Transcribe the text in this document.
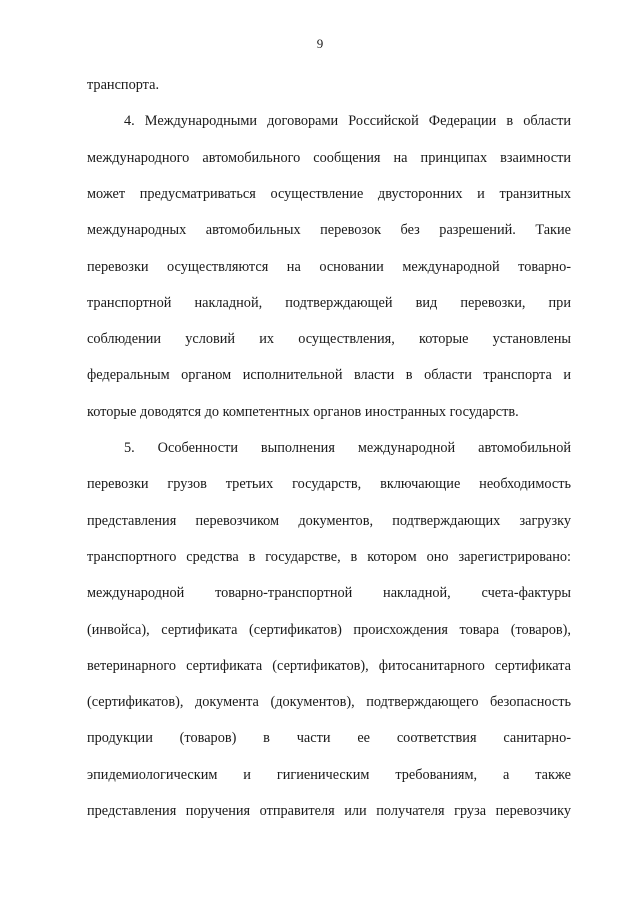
9
транспорта.
4. Международными договорами Российской Федерации в области
международного автомобильного сообщения на принципах взаимности
может предусматриваться осуществление двусторонних и транзитных
международных автомобильных перевозок без разрешений. Такие
перевозки осуществляются на основании международной товарно-
транспортной накладной, подтверждающей вид перевозки, при
соблюдении условий их осуществления, которые установлены
федеральным органом исполнительной власти в области транспорта и
которые доводятся до компетентных органов иностранных государств.
5. Особенности выполнения международной автомобильной
перевозки грузов третьих государств, включающие необходимость
представления перевозчиком документов, подтверждающих загрузку
транспортного средства в государстве, в котором оно зарегистрировано:
международной товарно-транспортной накладной, счета-фактуры
(инвойса), сертификата (сертификатов) происхождения товара (товаров),
ветеринарного сертификата (сертификатов), фитосанитарного сертификата
(сертификатов), документа (документов), подтверждающего безопасность
продукции (товаров) в части ее соответствия санитарно-
эпидемиологическим и гигиеническим требованиям, а также
представления поручения отправителя или получателя груза перевозчику
